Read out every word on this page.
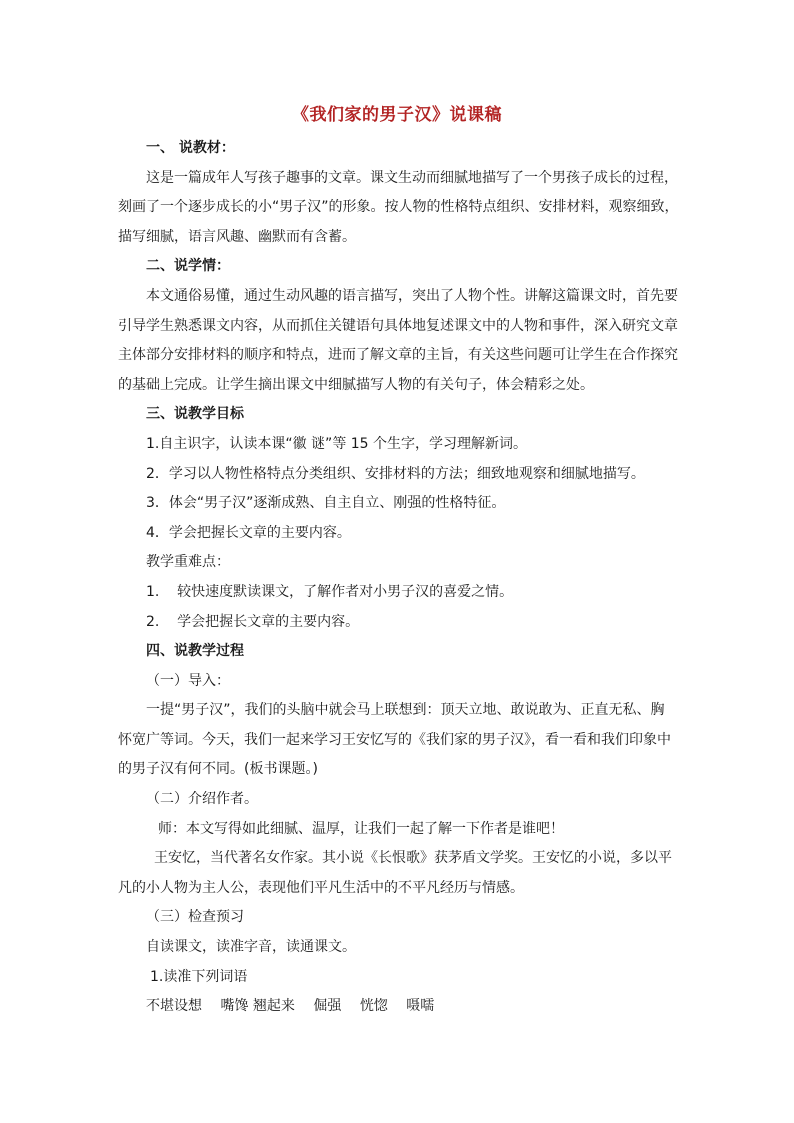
《我们家的男子汉》说课稿
一、 说教材：
这是一篇成年人写孩子趣事的文章。课文生动而细腻地描写了一个男孩子成长的过程，
刻画了一个逐步成长的小“男子汉”的形象。按人物的性格特点组织、安排材料，观察细致，
描写细腻，语言风趣、幽默而有含蓄。
二、说学情：
本文通俗易懂，通过生动风趣的语言描写，突出了人物个性。讲解这篇课文时，首先要
引导学生熟悉课文内容，从而抓住关键语句具体地复述课文中的人物和事件，深入研究文章
主体部分安排材料的顺序和特点，进而了解文章的主旨，有关这些问题可让学生在合作探究
的基础上完成。让学生摘出课文中细腻描写人物的有关句子，体会精彩之处。
三、说教学目标
1.自主识字，认读本课“徽 谜”等 15 个生字，学习理解新词。
2．学习以人物性格特点分类组织、安排材料的方法；细致地观察和细腻地描写。
3．体会“男子汉”逐渐成熟、自主自立、刚强的性格特征。
4．学会把握长文章的主要内容。
教学重难点：
1.    较快速度默读课文，了解作者对小男子汉的喜爱之情。
2.    学会把握长文章的主要内容。
四、说教学过程
（一）导入：
一提“男子汉”，我们的头脑中就会马上联想到：顶天立地、敢说敢为、正直无私、胸
怀宽广等词。今天，我们一起来学习王安忆写的《我们家的男子汉》，看一看和我们印象中
的男子汉有何不同。(板书课题。)
（二）介绍作者。
师：本文写得如此细腻、温厚，让我们一起了解一下作者是谁吧！
王安忆，当代著名女作家。其小说《长恨歌》获茅盾文学奖。王安忆的小说，多以平
凡的小人物为主人公，表现他们平凡生活中的不平凡经历与情感。
（三）检查预习
自读课文，读准字音，读通课文。
1.读准下列词语
不堪设想 嘴馋 翘起来 倔强 恍惚 嗫嚅
